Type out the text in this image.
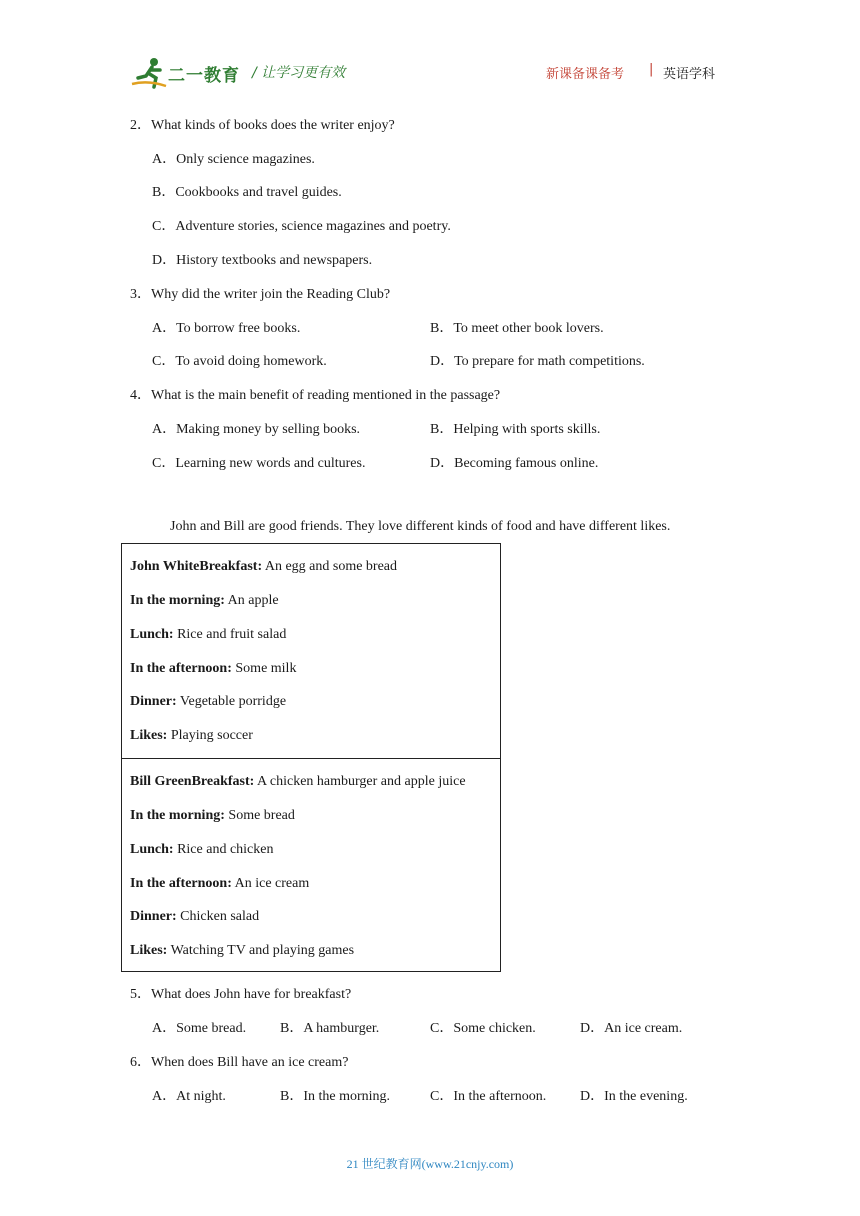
二一教育 / 让学习更有效	新课备课备考 | 英语学科
2．What kinds of books does the writer enjoy?
A．Only science magazines.
B．Cookbooks and travel guides.
C．Adventure stories, science magazines and poetry.
D．History textbooks and newspapers.
3．Why did the writer join the Reading Club?
A．To borrow free books.	B．To meet other book lovers.
C．To avoid doing homework.	D．To prepare for math competitions.
4．What is the main benefit of reading mentioned in the passage?
A．Making money by selling books.	B．Helping with sports skills.
C．Learning new words and cultures.	D．Becoming famous online.
John and Bill are good friends. They love different kinds of food and have different likes.
John WhiteBreakfast: An egg and some bread
In the morning: An apple
Lunch: Rice and fruit salad
In the afternoon: Some milk
Dinner: Vegetable porridge
Likes: Playing soccer
Bill GreenBreakfast: A chicken hamburger and apple juice
In the morning: Some bread
Lunch: Rice and chicken
In the afternoon: An ice cream
Dinner: Chicken salad
Likes: Watching TV and playing games
5．What does John have for breakfast?
A．Some bread. B．A hamburger.	C．Some chicken.	D．An ice cream.
6．When does Bill have an ice cream?
A．At night.	B．In the morning.	C．In the afternoon. D．In the evening.
21 世纪教育网(www.21cnjy.com)
